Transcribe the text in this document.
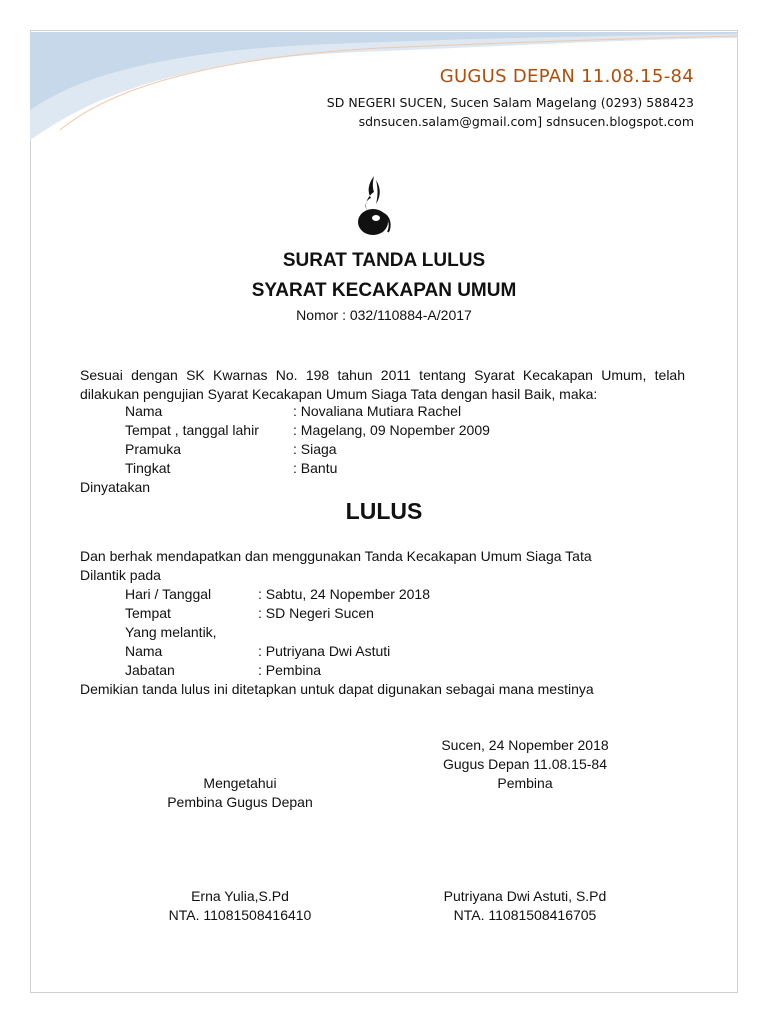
GUGUS DEPAN 11.08.15-84
SD NEGERI SUCEN, Sucen Salam Magelang (0293) 588423
sdnsucen.salam@gmail.com] sdnsucen.blogspot.com
SURAT TANDA LULUS
SYARAT KECAKAPAN UMUM
Nomor : 032/110884-A/2017
Sesuai dengan SK Kwarnas No. 198 tahun 2011 tentang Syarat Kecakapan Umum, telah dilakukan pengujian Syarat Kecakapan Umum Siaga Tata dengan hasil Baik, maka:
Nama	: Novaliana Mutiara Rachel
Tempat , tanggal lahir : Magelang, 09 Nopember 2009
Pramuka	: Siaga
Tingkat	: Bantu
Dinyatakan
LULUS
Dan berhak mendapatkan dan menggunakan Tanda Kecakapan Umum Siaga Tata
Dilantik pada
Hari / Tanggal	: Sabtu, 24 Nopember 2018
Tempat	: SD Negeri Sucen
Yang melantik,
Nama	: Putriyana Dwi Astuti
Jabatan	: Pembina
Demikian tanda lulus ini ditetapkan untuk dapat digunakan sebagai mana mestinya
Sucen, 24 Nopember 2018
Gugus Depan 11.08.15-84
Pembina
Mengetahui
Pembina Gugus Depan
Erna Yulia,S.Pd
NTA. 11081508416410
Putriyana Dwi Astuti, S.Pd
NTA. 11081508416705
